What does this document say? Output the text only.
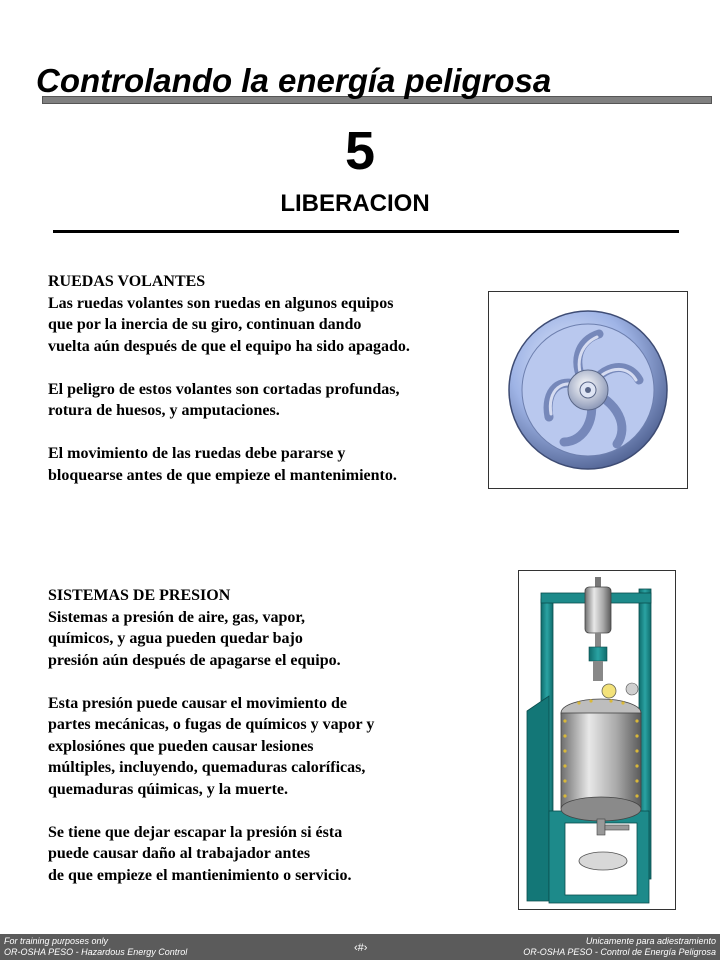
Controlando la energía peligrosa
5
LIBERACION
RUEDAS VOLANTES

Las ruedas volantes son ruedas en algunos equipos
que por la inercia de su giro, continuan dando
vuelta aún después de que el equipo ha sido apagado.

El peligro de estos volantes son cortadas profundas,
rotura de huesos, y amputaciones.

El movimiento de las ruedas debe pararse y
bloquearse antes de que empieze el mantenimiento.

SISTEMAS DE PRESION

Sistemas a presión de aire, gas, vapor,
químicos, y agua pueden quedar bajo
presión aún después de apagarse el equipo.

Esta presión puede causar el movimiento de
partes mecánicas, o fugas de químicos y vapor y
explosiónes que pueden causar lesiones
múltiples, incluyendo, quemaduras caloríficas,
quemaduras qúimicas, y la muerte.

Se tiene que dejar escapar la presión si ésta
puede causar daño al trabajador antes
de que empieze el mantienimiento o servicio.

For training purposes only
OR-OSHA PESO - Hazardous Energy Control	‹#›
Unicamente para adiestramiento
OR-OSHA PESO - Control de Energía Peligrosa
